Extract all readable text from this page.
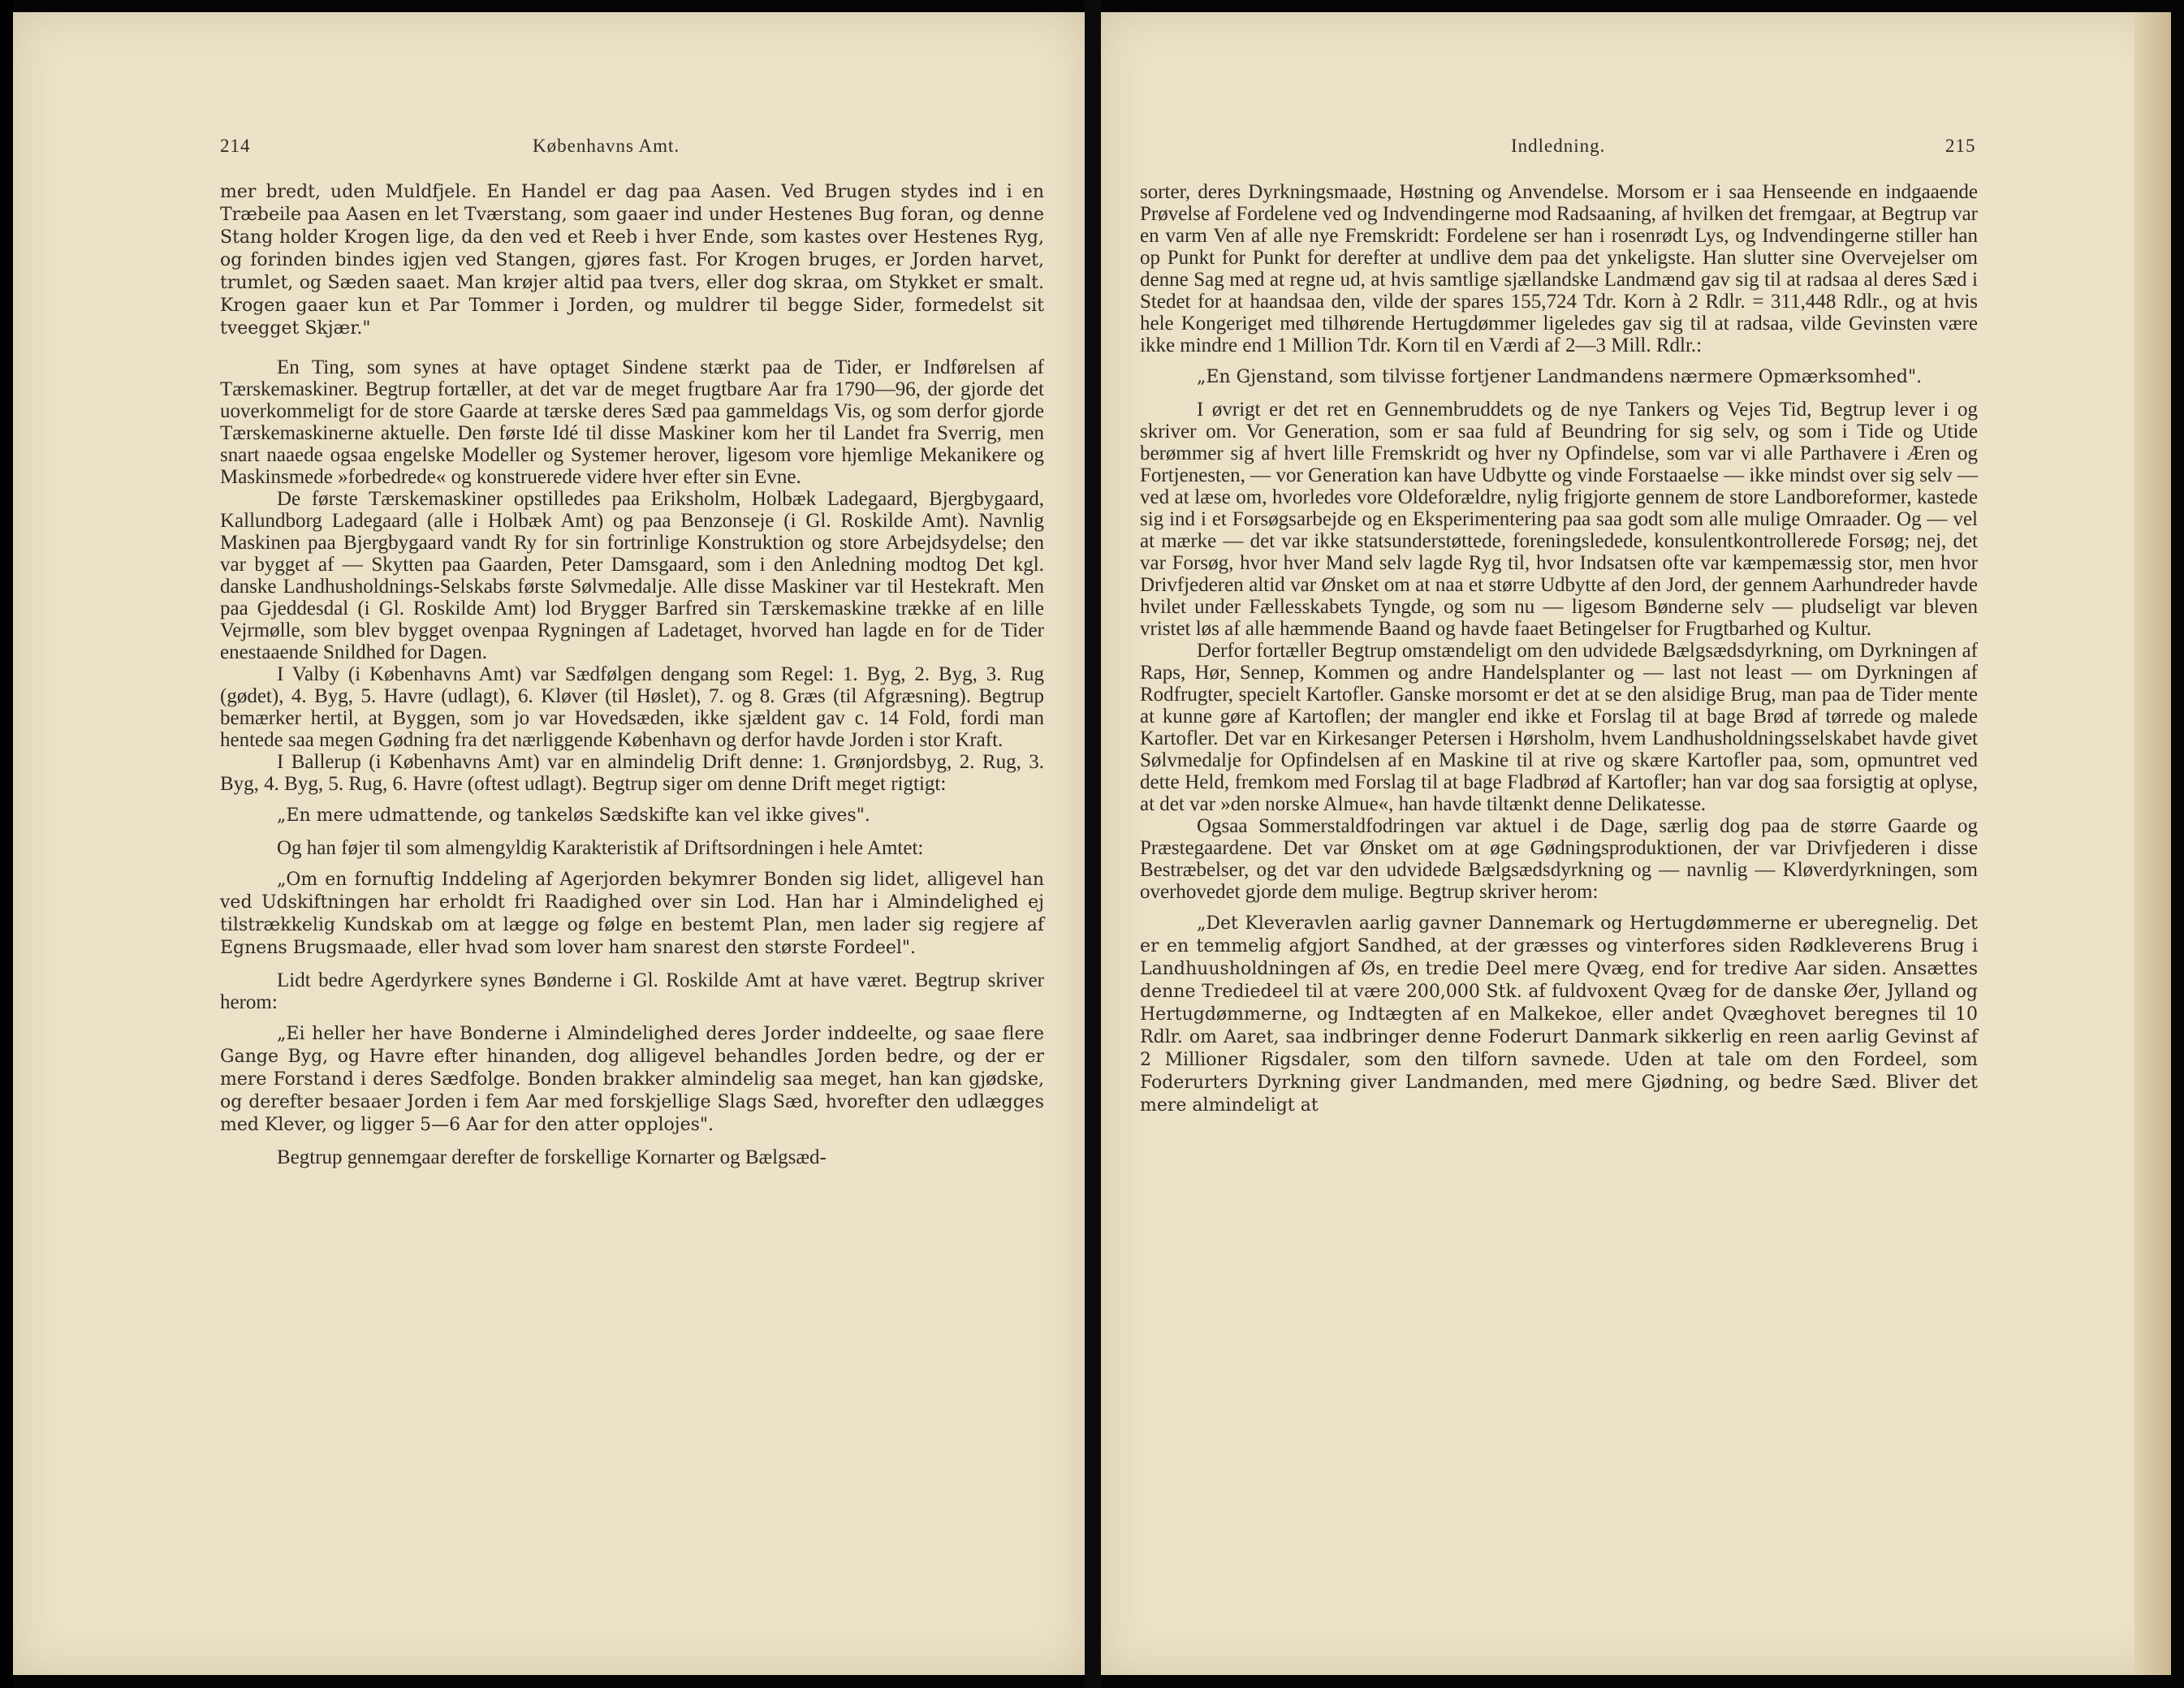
214	Københavns Amt.

mer bredt, uden Muldfjele. En Handel er dag paa Aasen. Ved Brugen stydes ind i en Træbeile paa Aasen en let Tværstang, som gaaer ind under Hestenes Bug foran, og denne Stang holder Krogen lige, da den ved et Reeb i hver Ende, som kastes over Hestenes Ryg, og forinden bindes igjen ved Stangen, gjøres fast. For Krogen bruges, er Jorden harvet, trumlet, og Sæden saaet. Man krøjer altid paa tvers, eller dog skraa, om Stykket er smalt. Krogen gaaer kun et Par Tommer i Jorden, og muldrer til begge Sider, formedelst sit tveegget Skjær."

En Ting, som synes at have optaget Sindene stærkt paa de Tider, er Indførelsen af Tærskemaskiner. Begtrup fortæller, at det var de meget frugtbare Aar fra 1790—96, der gjorde det uoverkommeligt for de store Gaarde at tærske deres Sæd paa gammeldags Vis, og som derfor gjorde Tærskemaskinerne aktuelle. Den første Idé til disse Maskiner kom her til Landet fra Sverrig, men snart naaede ogsaa engelske Modeller og Systemer herover, ligesom vore hjemlige Mekanikere og Maskinsmede »forbedrede« og konstruerede videre hver efter sin Evne.

De første Tærskemaskiner opstilledes paa Eriksholm, Holbæk Ladegaard, Bjergbygaard, Kallundborg Ladegaard (alle i Holbæk Amt) og paa Benzonseje (i Gl. Roskilde Amt). Navnlig Maskinen paa Bjergbygaard vandt Ry for sin fortrinlige Konstruktion og store Arbejdsydelse; den var bygget af — Skytten paa Gaarden, Peter Damsgaard, som i den Anledning modtog Det kgl. danske Landhusholdnings-Selskabs første Sølvmedalje. Alle disse Maskiner var til Hestekraft. Men paa Gjeddesdal (i Gl. Roskilde Amt) lod Brygger Barfred sin Tærskemaskine trække af en lille Vejrmølle, som blev bygget ovenpaa Rygningen af Ladetaget, hvorved han lagde en for de Tider enestaaende Snildhed for Dagen.

I Valby (i Københavns Amt) var Sædfølgen dengang som Regel: 1. Byg, 2. Byg, 3. Rug (gødet), 4. Byg, 5. Havre (udlagt), 6. Kløver (til Høslet), 7. og 8. Græs (til Afgræsning). Begtrup bemærker hertil, at Byggen, som jo var Hovedsæden, ikke sjældent gav c. 14 Fold, fordi man hentede saa megen Gødning fra det nærliggende København og derfor havde Jorden i stor Kraft.

I Ballerup (i Københavns Amt) var en almindelig Drift denne: 1. Grønjordsbyg, 2. Rug, 3. Byg, 4. Byg, 5. Rug, 6. Havre (oftest udlagt). Begtrup siger om denne Drift meget rigtigt:

„En mere udmattende, og tankeløs Sædskifte kan vel ikke gives".

Og han føjer til som almengyldig Karakteristik af Driftsordningen i hele Amtet:

„Om en fornuftig Inddeling af Agerjorden bekymrer Bonden sig lidet, alligevel han ved Udskiftningen har erholdt fri Raadighed over sin Lod. Han har i Almindelighed ej tilstrækkelig Kundskab om at lægge og følge en bestemt Plan, men lader sig regjere af Egnens Brugsmaade, eller hvad som lover ham snarest den største Fordeel".

Lidt bedre Agerdyrkere synes Bønderne i Gl. Roskilde Amt at have været. Begtrup skriver herom:

„Ei heller her have Bonderne i Almindelighed deres Jorder inddeelte, og saae flere Gange Byg, og Havre efter hinanden, dog alligevel behandles Jorden bedre, og der er mere Forstand i deres Sædfolge. Bonden brakker almindelig saa meget, han kan gjødske, og derefter besaaer Jorden i fem Aar med forskjellige Slags Sæd, hvorefter den udlægges med Klever, og ligger 5—6 Aar for den atter opplojes".

Begtrup gennemgaar derefter de forskellige Kornarter og Bælgsæd-

Indledning.	215

sorter, deres Dyrkningsmaade, Høstning og Anvendelse. Morsom er i saa Henseende en indgaaende Prøvelse af Fordelene ved og Indvendingerne mod Radsaaning, af hvilken det fremgaar, at Begtrup var en varm Ven af alle nye Fremskridt: Fordelene ser han i rosenrødt Lys, og Indvendingerne stiller han op Punkt for Punkt for derefter at undlive dem paa det ynkeligste. Han slutter sine Overvejelser om denne Sag med at regne ud, at hvis samtlige sjællandske Landmænd gav sig til at radsaa al deres Sæd i Stedet for at haandsaa den, vilde der spares 155,724 Tdr. Korn à 2 Rdlr. = 311,448 Rdlr., og at hvis hele Kongeriget med tilhørende Hertugdømmer ligeledes gav sig til at radsaa, vilde Gevinsten være ikke mindre end 1 Million Tdr. Korn til en Værdi af 2—3 Mill. Rdlr.:

„En Gjenstand, som tilvisse fortjener Landmandens nærmere Opmærksomhed".

I øvrigt er det ret en Gennembruddets og de nye Tankers og Vejes Tid, Begtrup lever i og skriver om. Vor Generation, som er saa fuld af Beundring for sig selv, og som i Tide og Utide berømmer sig af hvert lille Fremskridt og hver ny Opfindelse, som var vi alle Parthavere i Æren og Fortjenesten, — vor Generation kan have Udbytte og vinde Forstaaelse — ikke mindst over sig selv — ved at læse om, hvorledes vore Oldeforældre, nylig frigjorte gennem de store Landboreformer, kastede sig ind i et Forsøgsarbejde og en Eksperimentering paa saa godt som alle mulige Omraader. Og — vel at mærke — det var ikke statsunderstøttede, foreningsledede, konsulentkontrollerede Forsøg; nej, det var Forsøg, hvor hver Mand selv lagde Ryg til, hvor Indsatsen ofte var kæmpemæssig stor, men hvor Drivfjederen altid var Ønsket om at naa et større Udbytte af den Jord, der gennem Aarhundreder havde hvilet under Fællesskabets Tyngde, og som nu — ligesom Bønderne selv — pludseligt var bleven vristet løs af alle hæmmende Baand og havde faaet Betingelser for Frugtbarhed og Kultur.

Derfor fortæller Begtrup omstændeligt om den udvidede Bælgsædsdyrkning, om Dyrkningen af Raps, Hør, Sennep, Kommen og andre Handelsplanter og — last not least — om Dyrkningen af Rodfrugter, specielt Kartofler. Ganske morsomt er det at se den alsidige Brug, man paa de Tider mente at kunne gøre af Kartoflen; der mangler end ikke et Forslag til at bage Brød af tørrede og malede Kartofler. Det var en Kirkesanger Petersen i Hørsholm, hvem Landhusholdningsselskabet havde givet Sølvmedalje for Opfindelsen af en Maskine til at rive og skære Kartofler paa, som, opmuntret ved dette Held, fremkom med Forslag til at bage Fladbrød af Kartofler; han var dog saa forsigtig at oplyse, at det var »den norske Almue«, han havde tiltænkt denne Delikatesse.

Ogsaa Sommerstaldfodringen var aktuel i de Dage, særlig dog paa de større Gaarde og Præstegaardene. Det var Ønsket om at øge Gødningsproduktionen, der var Drivfjederen i disse Bestræbelser, og det var den udvidede Bælgsædsdyrkning og — navnlig — Kløverdyrkningen, som overhovedet gjorde dem mulige. Begtrup skriver herom:

„Det Kleveravlen aarlig gavner Dannemark og Hertugdømmerne er uberegnelig. Det er en temmelig afgjort Sandhed, at der græsses og vinterfores siden Rødkleverens Brug i Landhuusholdningen af Øs, en tredie Deel mere Qvæg, end for tredive Aar siden. Ansættes denne Trediedeel til at være 200,000 Stk. af fuldvoxent Qvæg for de danske Øer, Jylland og Hertugdømmerne, og Indtægten af en Malkekoe, eller andet Qvæghovet beregnes til 10 Rdlr. om Aaret, saa indbringer denne Foderurt Danmark sikkerlig en reen aarlig Gevinst af 2 Millioner Rigsdaler, som den tilforn savnede. Uden at tale om den Fordeel, som Foderurters Dyrkning giver Landmanden, med mere Gjødning, og bedre Sæd. Bliver det mere almindeligt at
